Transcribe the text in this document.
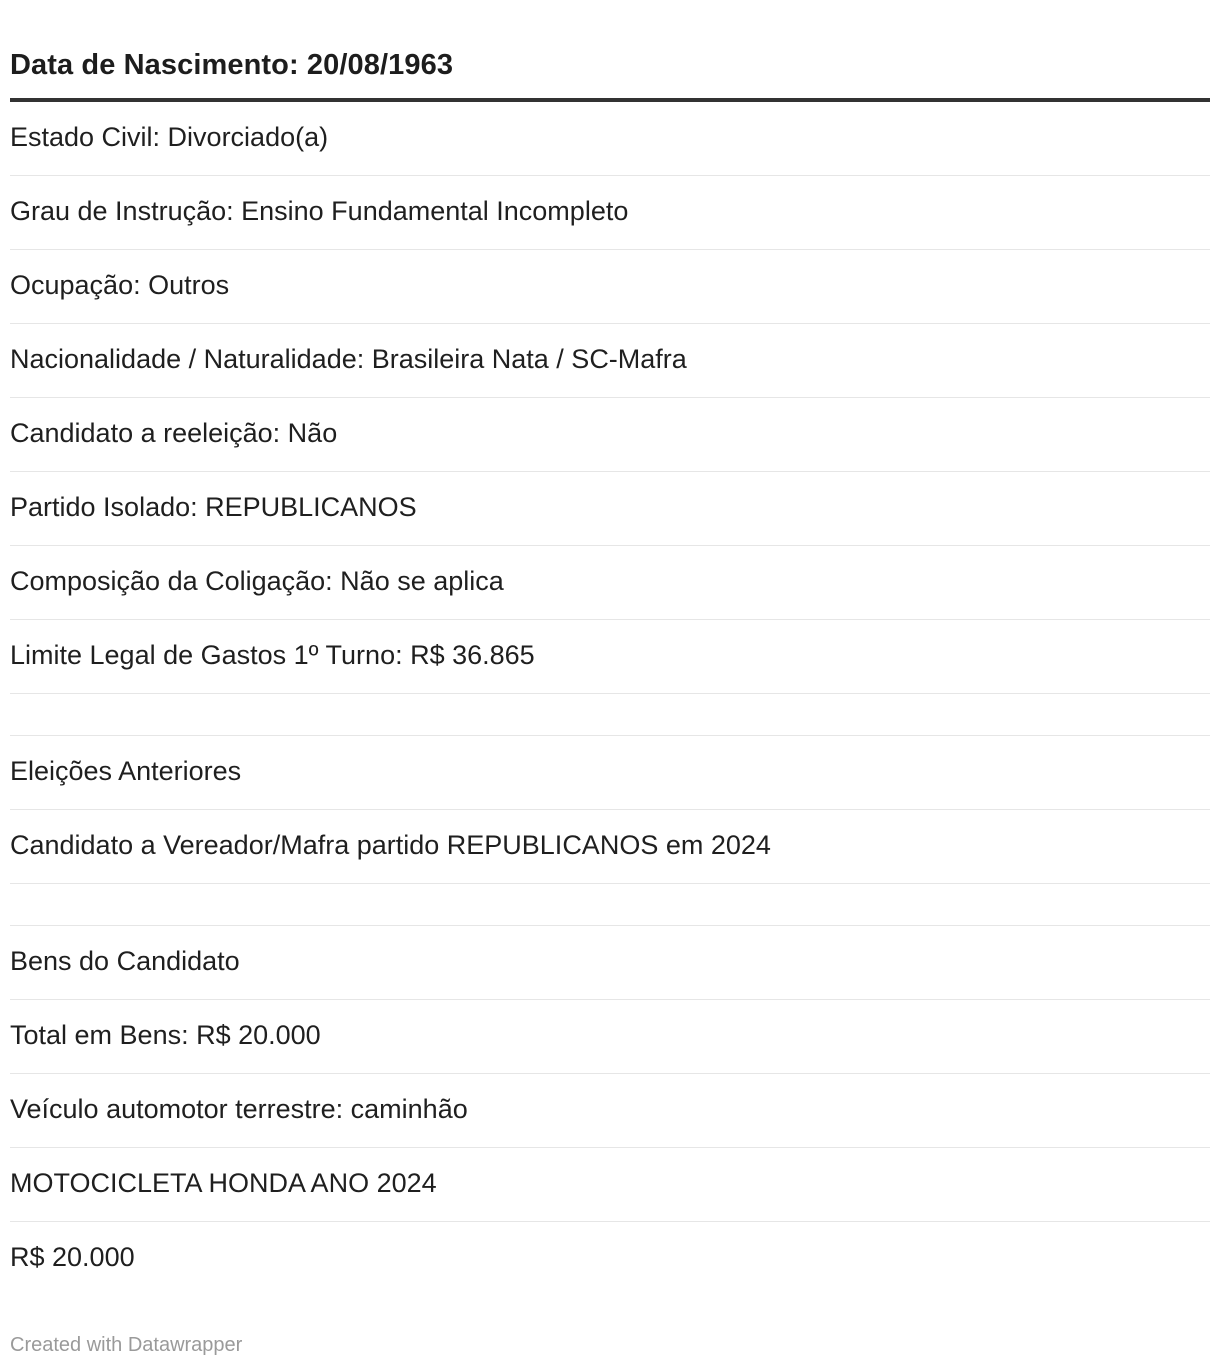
Data de Nascimento: 20/08/1963
Estado Civil: Divorciado(a)
Grau de Instrução: Ensino Fundamental Incompleto
Ocupação: Outros
Nacionalidade / Naturalidade: Brasileira Nata / SC-Mafra
Candidato a reeleição: Não
Partido Isolado: REPUBLICANOS
Composição da Coligação: Não se aplica
Limite Legal de Gastos 1º Turno: R$ 36.865
Eleições Anteriores
Candidato a Vereador/Mafra partido REPUBLICANOS em 2024
Bens do Candidato
Total em Bens: R$ 20.000
Veículo automotor terrestre: caminhão
MOTOCICLETA HONDA ANO 2024
R$ 20.000
Created with Datawrapper
